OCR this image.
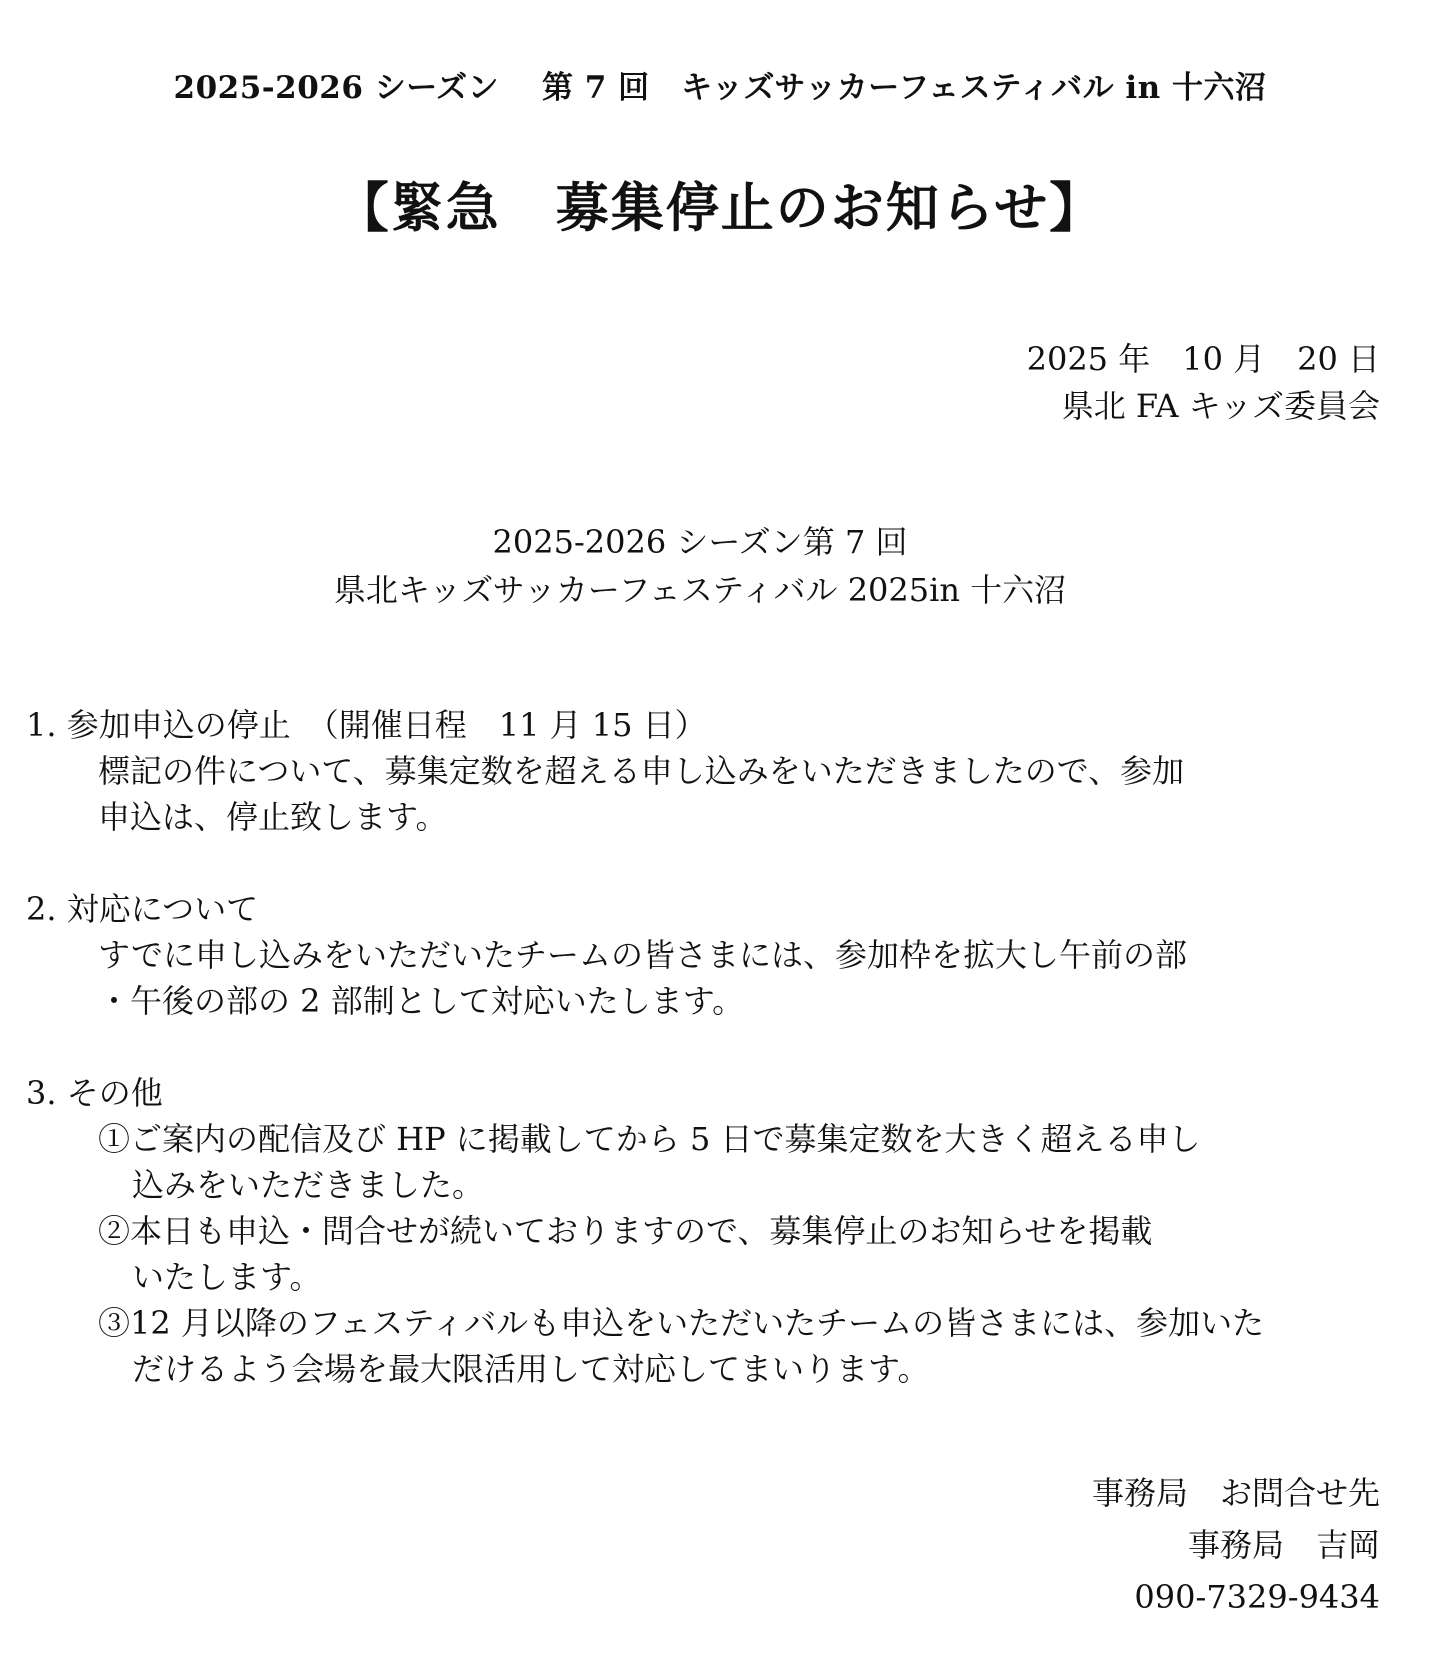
2025-2026 シーズン　 第 7 回　キッズサッカーフェスティバル in 十六沼
【緊急　募集停止のお知らせ】
2025 年　10 月　20 日
県北 FA キッズ委員会
2025-2026 シーズン第 7 回
県北キッズサッカーフェスティバル 2025in 十六沼
1. 参加申込の停止　（開催日程　11 月 15 日）
標記の件について、募集定数を超える申し込みをいただきましたので、参加
申込は、停止致します。
2. 対応について
すでに申し込みをいただいたチームの皆さまには、参加枠を拡大し午前の部
・午後の部の 2 部制として対応いたします。
3. その他
①ご案内の配信及び HP に掲載してから 5 日で募集定数を大きく超える申し
込みをいただきました。
②本日も申込・問合せが続いておりますので、募集停止のお知らせを掲載
いたします。
③12 月以降のフェスティバルも申込をいただいたチームの皆さまには、参加いた
だけるよう会場を最大限活用して対応してまいります。
事務局　お問合せ先
事務局　吉岡
090-7329-9434
